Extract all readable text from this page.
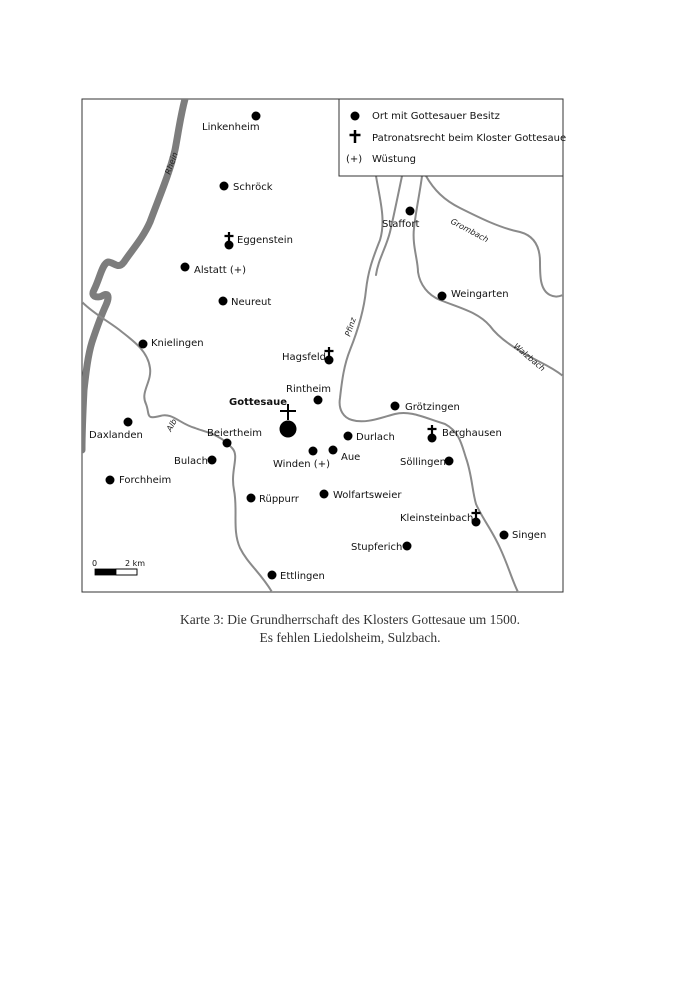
Ort mit Gottesauer Besitz
Patronatsrecht beim Kloster Gottesaue
(+) Wüstung
Rhein
Pfinz
Alb
Grombach
Walzbach
Linkenheim
Schröck
Eggenstein
Alstatt (+)
Neureut
Knielingen
Hagsfeld
Rintheim
Gottesaue
Daxlanden	Beiertheim
Bulach
Forchheim
Rüppurr
Winden (+)
Aue
Durlach
Grötzingen
Berghausen
Söllingen
Wolfartsweier
Kleinsteinbach
Singen
Stupferich
Ettlingen
Staffort
Weingarten
0	2 km
Karte 3: Die Grundherrschaft des Klosters Gottesaue um 1500.
Es fehlen Liedolsheim, Sulzbach.
